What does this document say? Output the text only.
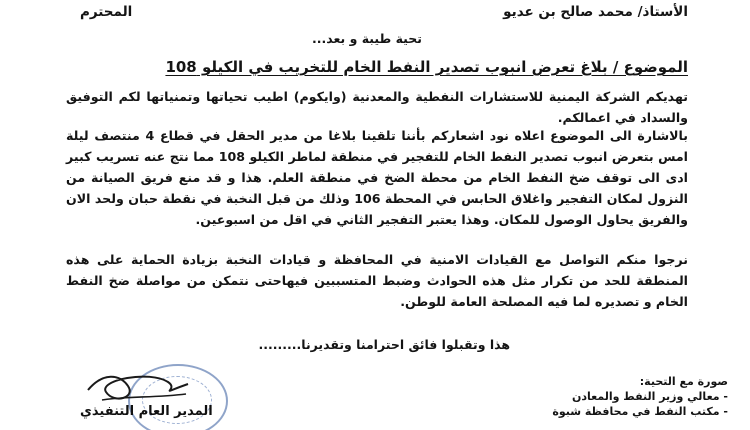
الأستاذ/ محمد صالح بن عديو
المحترم
تحية طيبة و بعد...
الموضوع / بلاغ تعرض انبوب تصدير النفط الخام للتخريب في الكيلو 108
تهديكم الشركة اليمنية للاستشارات النفطية والمعدنية (وايكوم) اطيب تحياتها وتمنياتها لكم التوفيق والسداد في اعمالكم.
بالاشارة الى الموضوع اعلاه نود اشعاركم بأننا تلقينا بلاغا من مدير الحقل في قطاع 4 منتصف ليلة امس بتعرض انبوب تصدير النفط الخام للتفجير في منطقة لماطر الكيلو 108 مما نتج عنه تسريب كبير ادى الى توقف ضخ النفط الخام من محطة الضخ في منطقة العلم. هذا و قد منع فريق الصيانة من النزول لمكان التفجير واغلاق الحابس في المحطة 106 وذلك من قبل النخبة في نقطة حبان ولحد الان والفريق يحاول الوصول للمكان. وهذا يعتبر التفجير الثاني في اقل من اسبوعين.
نرجوا منكم التواصل مع القيادات الامنية في المحافظة و قيادات النخبة بزيادة الحماية على هذه المنطقة للحد من تكرار مثل هذه الحوادث وضبط المتسببين فيهاحتى نتمكن من مواصلة ضخ النفط الخام و تصديره لما فيه المصلحة العامة للوطن.
هذا وتقبلوا فائق احترامنا وتقديرنا.........
صورة مع التحية:
- معالي وزير النفط والمعادن
- مكتب النفط في محافظة شبوة
المدير العام التنفيذي
